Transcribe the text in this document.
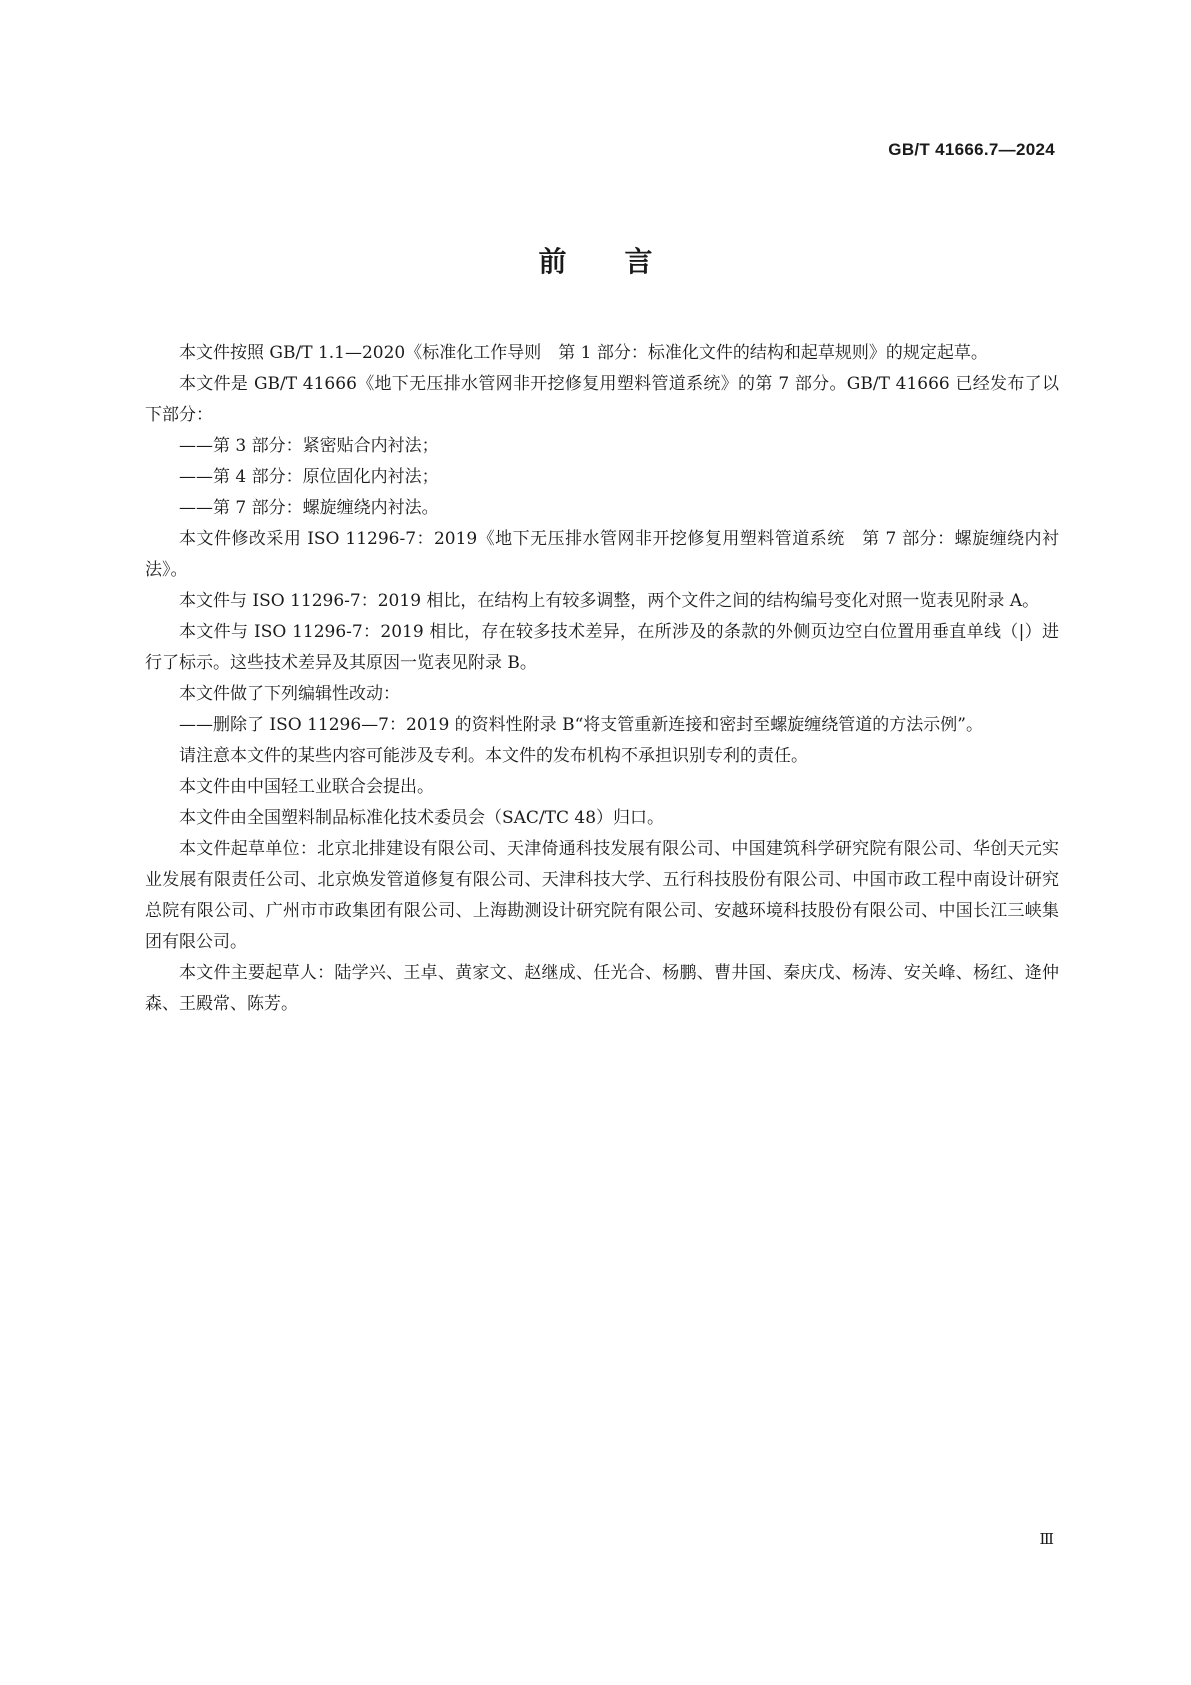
GB/T 41666.7—2024
前言

本文件按照 GB/T 1.1—2020《标准化工作导则　第 1 部分：标准化文件的结构和起草规则》的规定起草。

本文件是 GB/T 41666《地下无压排水管网非开挖修复用塑料管道系统》的第 7 部分。GB/T 41666 已经发布了以下部分：

——第 3 部分：紧密贴合内衬法；

——第 4 部分：原位固化内衬法；

——第 7 部分：螺旋缠绕内衬法。

本文件修改采用 ISO 11296-7：2019《地下无压排水管网非开挖修复用塑料管道系统　第 7 部分：螺旋缠绕内衬法》。

本文件与 ISO 11296-7：2019 相比，在结构上有较多调整，两个文件之间的结构编号变化对照一览表见附录 A。

本文件与 ISO 11296-7：2019 相比，存在较多技术差异，在所涉及的条款的外侧页边空白位置用垂直单线（|）进行了标示。这些技术差异及其原因一览表见附录 B。

本文件做了下列编辑性改动：

——删除了 ISO 11296—7：2019 的资料性附录 B“将支管重新连接和密封至螺旋缠绕管道的方法示例”。

请注意本文件的某些内容可能涉及专利。本文件的发布机构不承担识别专利的责任。

本文件由中国轻工业联合会提出。

本文件由全国塑料制品标准化技术委员会（SAC/TC 48）归口。

本文件起草单位：北京北排建设有限公司、天津倚通科技发展有限公司、中国建筑科学研究院有限公司、华创天元实业发展有限责任公司、北京焕发管道修复有限公司、天津科技大学、五行科技股份有限公司、中国市政工程中南设计研究总院有限公司、广州市市政集团有限公司、上海勘测设计研究院有限公司、安越环境科技股份有限公司、中国长江三峡集团有限公司。

本文件主要起草人：陆学兴、王卓、黄家文、赵继成、任光合、杨鹏、曹井国、秦庆戊、杨涛、安关峰、杨红、逄仲森、王殿常、陈芳。

Ⅲ
